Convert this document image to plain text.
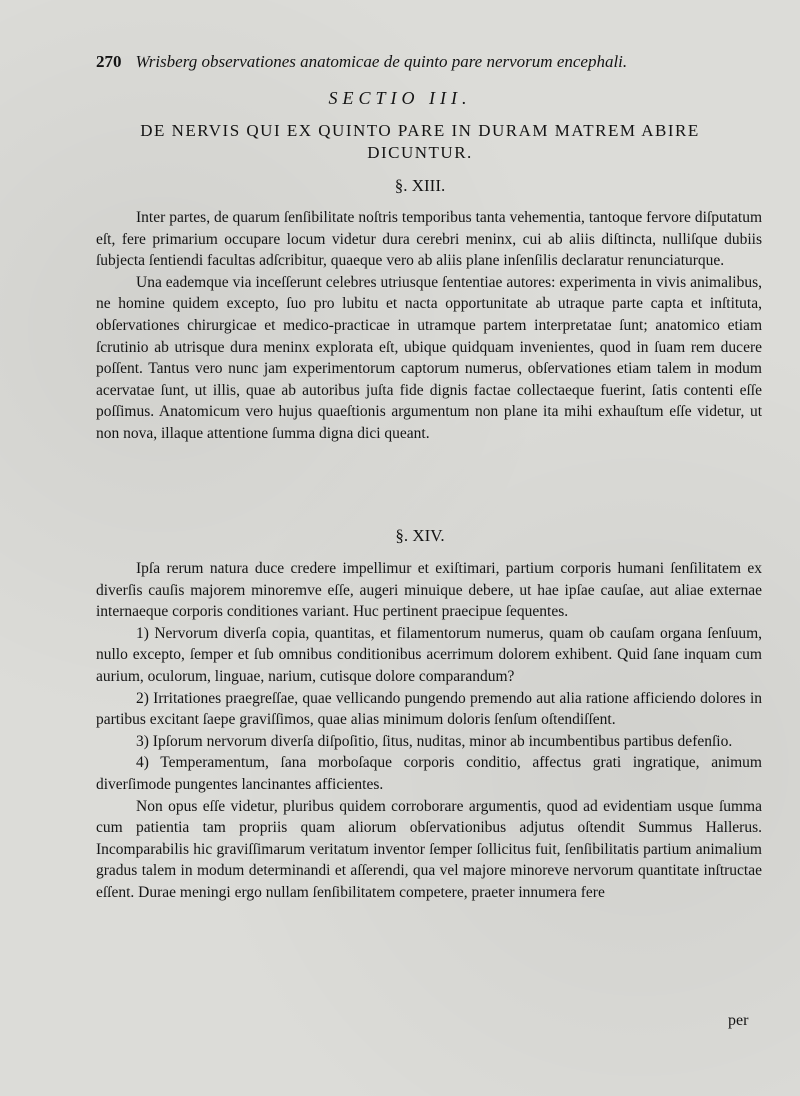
270 Wrisberg observationes anatomicae de quinto pare nervorum encephali.
SECTIO III.
DE NERVIS QUI EX QUINTO PARE IN DURAM MATREM ABIRE DICUNTUR.
§. XIII.

Inter partes, de quarum ſenſibilitate noſtris temporibus tanta vehementia, tantoque fervore diſputatum eſt, fere primarium occupare locum videtur dura cerebri meninx, cui ab aliis diſtincta, nulliſque dubiis ſubjecta ſentiendi facultas adſcribitur, quaeque vero ab aliis plane inſenſilis declaratur renunciaturque.

Una eademque via inceſſerunt celebres utriusque ſententiae autores: experimenta in vivis animalibus, ne homine quidem excepto, ſuo pro lubitu et nacta opportunitate ab utraque parte capta et inſtituta, obſervationes chirurgicae et medico-practicae in utramque partem interpretatae ſunt; anatomico etiam ſcrutinio ab utrisque dura meninx explorata eſt, ubique quidquam invenientes, quod in ſuam rem ducere poſſent. Tantus vero nunc jam experimentorum captorum numerus, obſervationes etiam talem in modum acervatae ſunt, ut illis, quae ab autoribus juſta fide dignis factae collectaeque fuerint, ſatis contenti eſſe poſſimus. Anatomicum vero hujus quaeſtionis argumentum non plane ita mihi exhauſtum eſſe videtur, ut non nova, illaque attentione ſumma digna dici queant.

§. XIV.

Ipſa rerum natura duce credere impellimur et exiſtimari, partium corporis humani ſenſilitatem ex diverſis cauſis majorem minoremve eſſe, augeri minuique debere, ut hae ipſae cauſae, aut aliae externae internaeque corporis conditiones variant. Huc pertinent praecipue ſequentes.

1) Nervorum diverſa copia, quantitas, et filamentorum numerus, quam ob cauſam organa ſenſuum, nullo excepto, ſemper et ſub omnibus conditionibus acerrimum dolorem exhibent. Quid ſane inquam cum aurium, oculorum, linguae, narium, cutisque dolore comparandum?

2) Irritationes praegreſſae, quae vellicando pungendo premendo aut alia ratione afficiendo dolores in partibus excitant ſaepe graviſſimos, quae alias minimum doloris ſenſum oſtendiſſent.

3) Ipſorum nervorum diverſa diſpoſitio, ſitus, nuditas, minor ab incumbentibus partibus defenſio.

4) Temperamentum, ſana morboſaque corporis conditio, affectus grati ingratique, animum diverſimode pungentes lancinantes afficientes.

Non opus eſſe videtur, pluribus quidem corroborare argumentis, quod ad evidentiam usque ſumma cum patientia tam propriis quam aliorum obſervationibus adjutus oſtendit Summus Hallerus. Incomparabilis hic graviſſimarum veritatum inventor ſemper ſollicitus fuit, ſenſibilitatis partium animalium gradus talem in modum determinandi et aſſerendi, qua vel majore minoreve nervorum quantitate inſtructae eſſent. Durae meningi ergo nullam ſenſibilitatem competere, praeter innumera fere

per
